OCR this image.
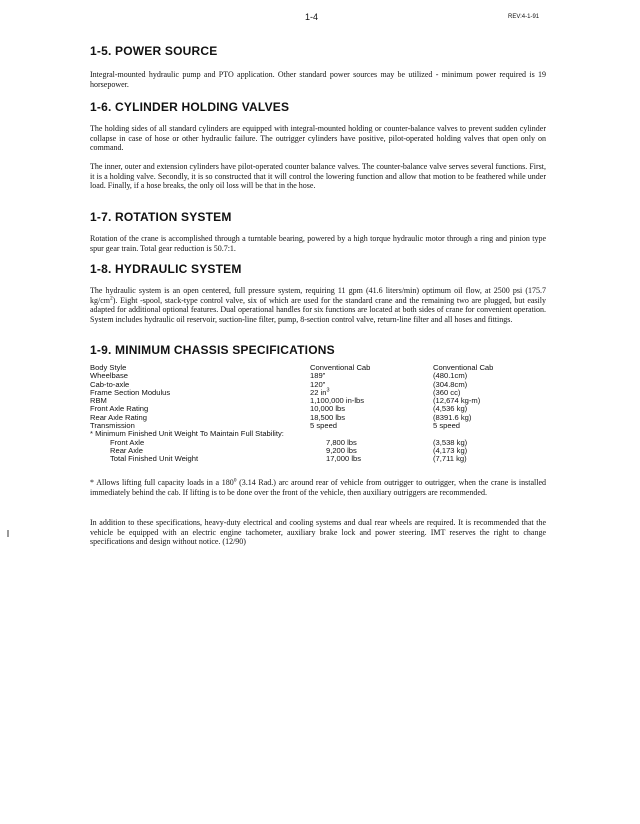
1-4	REV:4-1-91
1-5. POWER SOURCE

Integral-mounted hydraulic pump and PTO application. Other standard power sources may be utilized - minimum power required is 19 horsepower.

1-6. CYLINDER HOLDING VALVES

The holding sides of all standard cylinders are equipped with integral-mounted holding or counter-balance valves to prevent sudden cylinder collapse in case of hose or other hydraulic failure. The outrigger cylinders have positive, pilot-operated holding valves that open only on command.

The inner, outer and extension cylinders have pilot-operated counter balance valves. The counter-balance valve serves several functions. First, it is a holding valve. Secondly, it is so constructed that it will control the lowering function and allow that motion to be feathered while under load. Finally, if a hose breaks, the only oil loss will be that in the hose.

1-7. ROTATION SYSTEM

Rotation of the crane is accomplished through a turntable bearing, powered by a high torque hydraulic motor through a ring and pinion type spur gear train. Total gear reduction is 50.7:1.

1-8. HYDRAULIC SYSTEM

The hydraulic system is an open centered, full pressure system, requiring 11 gpm (41.6 liters/min) optimum oil flow, at 2500 psi (175.7 $kg/cm^2$). Eight -spool, stack-type control valve, six of which are used for the standard crane and the remaining two are plugged, but easily adapted for additional optional features. Dual operational handles for six functions are located at both sides of crane for convenient operation. System includes hydraulic oil reservoir, suction-line filter, pump, 8-section control valve, return-line filter and all hoses and fittings.

1-9. MINIMUM CHASSIS SPECIFICATIONS
Body Style	Conventional Cab	Conventional Cab
Wheelbase	189"	(480.1cm)
Cab-to-axle	120"	(304.8cm)
Frame Section Modulus	22 $in^3$	(360 cc)
RBM	1,100,000 in-lbs	(12,674 kg-m)
Front Axle Rating	10,000 lbs	(4,536 kg)
Rear Axle Rating	18,500 lbs	(8391.6 kg)
Transmission	5 speed	5 speed
* Minimum Finished Unit Weight To Maintain Full Stability:		
Front Axle	7,800 lbs	(3,538 kg)
Rear Axle	9,200 lbs	(4,173 kg)
Total Finished Unit Weight	17,000 lbs	(7,711 kg)

* Allows lifting full capacity loads in a $180^0$ (3.14 Rad.) arc around rear of vehicle from outrigger to outrigger, when the crane is installed immediately behind the cab. If lifting is to be done over the front of the vehicle, then auxiliary outriggers are recommended.

In addition to these specifications, heavy-duty electrical and cooling systems and dual rear wheels are required. It is recommended that the vehicle be equipped with an electric engine tachometer, auxiliary brake lock and power steering. IMT reserves the right to change specifications and design without notice. (12/90)
